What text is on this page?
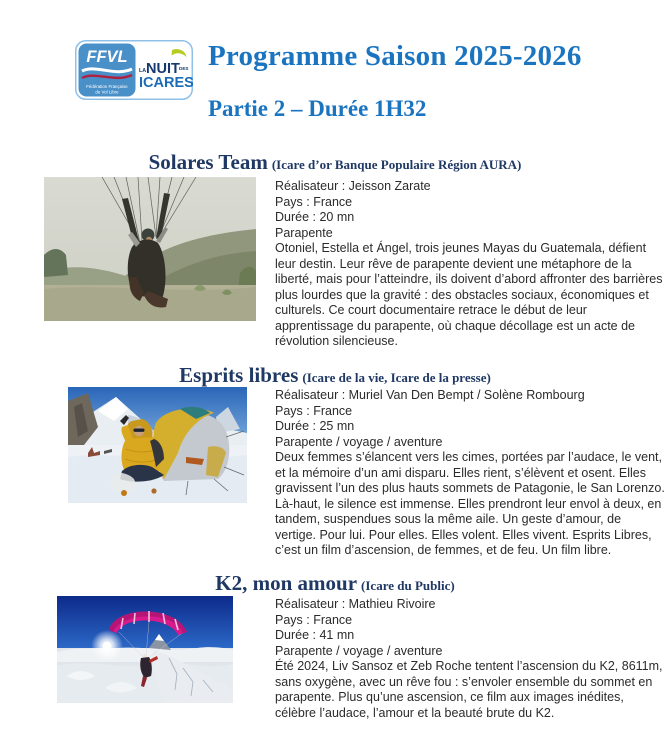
FFVL
Fédération Française
de Vol Libre
LA NUIT DES
ICARES
Programme Saison 2025-2026
Partie 2 – Durée 1H32
Solares Team (Icare d’or Banque Populaire Région AURA)
Réalisateur : Jeisson Zarate
Pays : France
Durée : 20 mn
Parapente
Otoniel, Estella et Ángel, trois jeunes Mayas du Guatemala, défient leur destin. Leur rêve de parapente devient une métaphore de la liberté, mais pour l’atteindre, ils doivent d’abord affronter des barrières plus lourdes que la gravité : des obstacles sociaux, économiques et culturels. Ce court documentaire retrace le début de leur apprentissage du parapente, où chaque décollage est un acte de révolution silencieuse.
Esprits libres (Icare de la vie, Icare de la presse)
Réalisateur : Muriel Van Den Bempt / Solène Rombourg
Pays : France
Durée : 25 mn
Parapente / voyage / aventure
Deux femmes s’élancent vers les cimes, portées par l’audace, le vent, et la mémoire d’un ami disparu. Elles rient, s’élèvent et osent. Elles gravissent l’un des plus hauts sommets de Patagonie, le San Lorenzo. Là-haut, le silence est immense. Elles prendront leur envol à deux, en tandem, suspendues sous la même aile. Un geste d’amour, de vertige. Pour lui. Pour elles. Elles volent. Elles vivent. Esprits Libres, c’est un film d’ascension, de femmes, et de feu. Un film libre.
K2, mon amour (Icare du Public)
Réalisateur : Mathieu Rivoire
Pays : France
Durée : 41 mn
Parapente / voyage / aventure
Été 2024, Liv Sansoz et Zeb Roche tentent l’ascension du K2, 8611m, sans oxygène, avec un rêve fou : s’envoler ensemble du sommet en parapente. Plus qu’une ascension, ce film aux images inédites, célèbre l’audace, l’amour et la beauté brute du K2.
